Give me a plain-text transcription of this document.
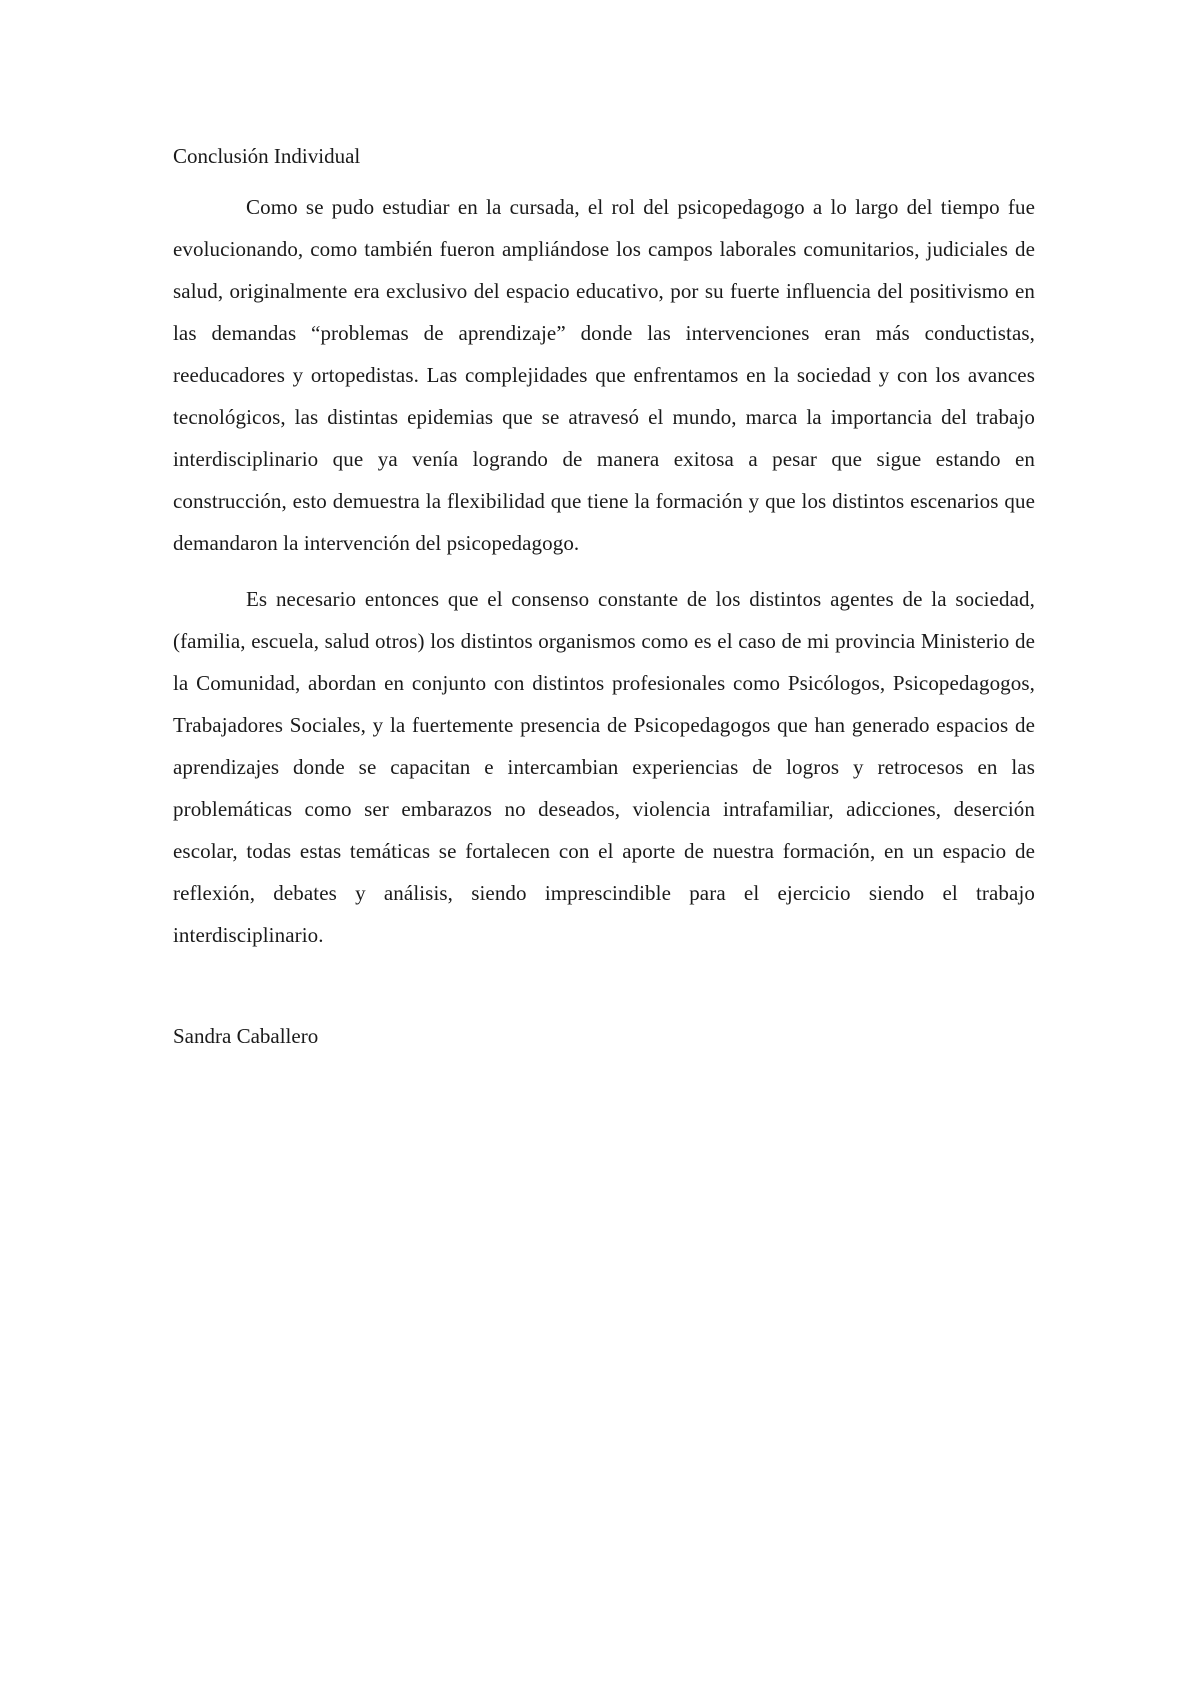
Conclusión Individual

Como se pudo estudiar en la cursada, el rol del psicopedagogo a lo largo del tiempo fue evolucionando, como también fueron ampliándose los campos laborales comunitarios, judiciales de salud, originalmente era exclusivo del espacio educativo, por su fuerte influencia del positivismo en las demandas “problemas de aprendizaje” donde las intervenciones eran más conductistas, reeducadores y ortopedistas. Las complejidades que enfrentamos en la sociedad y con los avances tecnológicos, las distintas epidemias que se atravesó el mundo, marca la importancia del trabajo interdisciplinario que ya venía logrando de manera exitosa a pesar que sigue estando en construcción, esto demuestra la flexibilidad que tiene la formación y que los distintos escenarios que demandaron la intervención del psicopedagogo.

Es necesario entonces que el consenso constante de los distintos agentes de la sociedad, (familia, escuela, salud otros) los distintos organismos como es el caso de mi provincia Ministerio de la Comunidad, abordan en conjunto con distintos profesionales como Psicólogos, Psicopedagogos, Trabajadores Sociales, y la fuertemente presencia de Psicopedagogos que han generado espacios de aprendizajes donde se capacitan e intercambian experiencias de logros y retrocesos en las problemáticas como ser embarazos no deseados, violencia intrafamiliar, adicciones, deserción escolar, todas estas temáticas se fortalecen con el aporte de nuestra formación, en un espacio de reflexión, debates y análisis, siendo imprescindible para el ejercicio siendo el trabajo interdisciplinario.

Sandra Caballero
